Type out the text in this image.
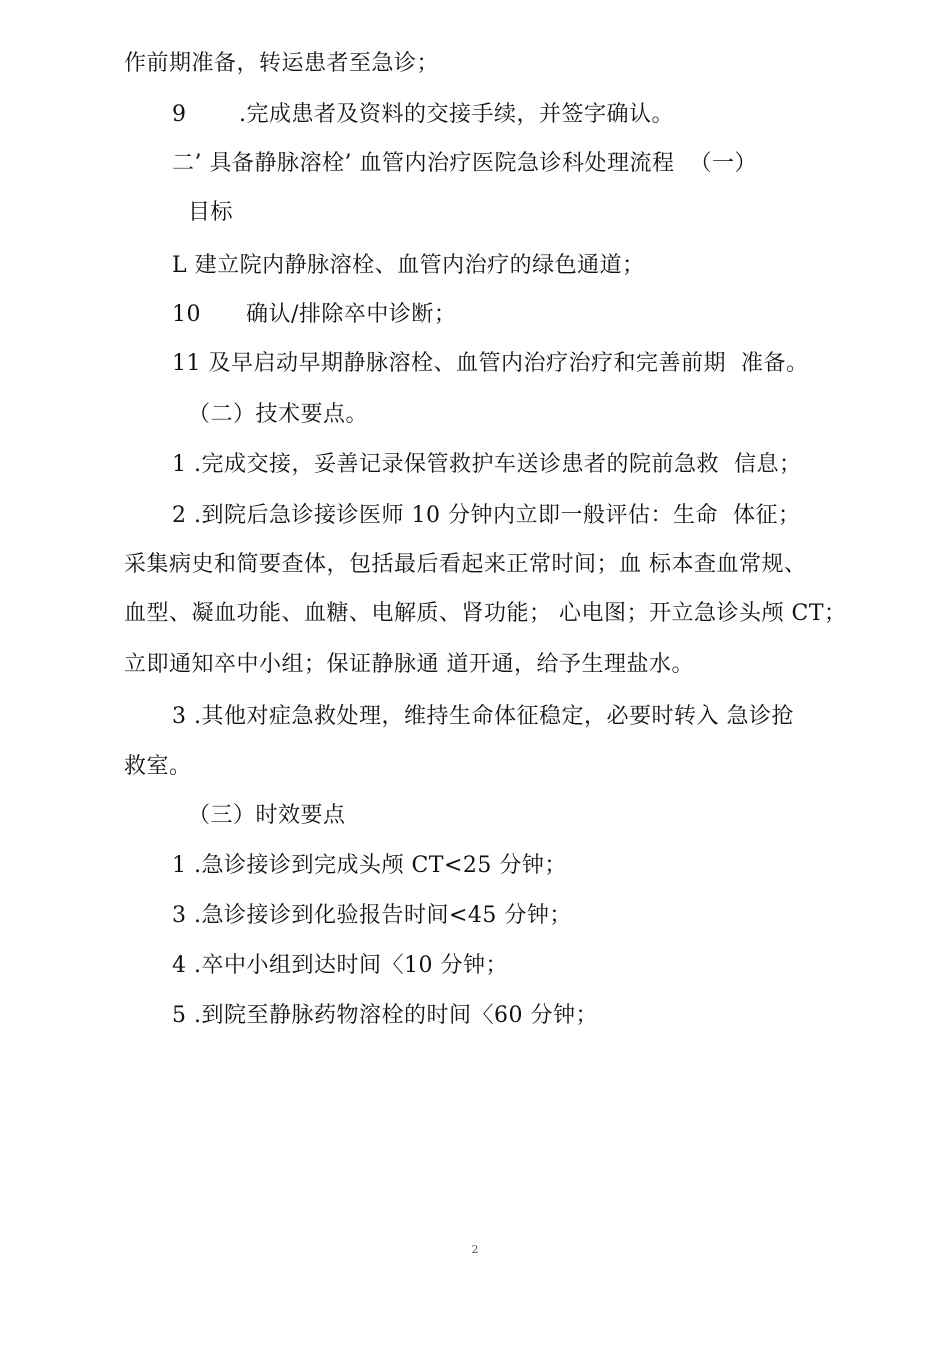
作前期准备，转运患者至急诊；
9       .完成患者及资料的交接手续，并签字确认。
二’ 具备静脉溶栓’ 血管内治疗医院急诊科处理流程  （一）
目标
L 建立院内静脉溶栓、血管内治疗的绿色通道；
10      确认/排除卒中诊断；
11 及早启动早期静脉溶栓、血管内治疗治疗和完善前期  准备。
（二）技术要点。
1 .完成交接，妥善记录保管救护车送诊患者的院前急救  信息；
2 .到院后急诊接诊医师 10 分钟内立即一般评估：生命  体征；
采集病史和简要查体，包括最后看起来正常时间；血 标本查血常规、
血型、凝血功能、血糖、电解质、肾功能； 心电图；开立急诊头颅 CT；
立即通知卒中小组；保证静脉通 道开通，给予生理盐水。
3 .其他对症急救处理，维持生命体征稳定，必要时转入 急诊抢
救室。
（三）时效要点
1 .急诊接诊到完成头颅 CT<25 分钟；
3 .急诊接诊到化验报告时间<45 分钟；
4 .卒中小组到达时间〈10 分钟；
5 .到院至静脉药物溶栓的时间〈60 分钟；
2
